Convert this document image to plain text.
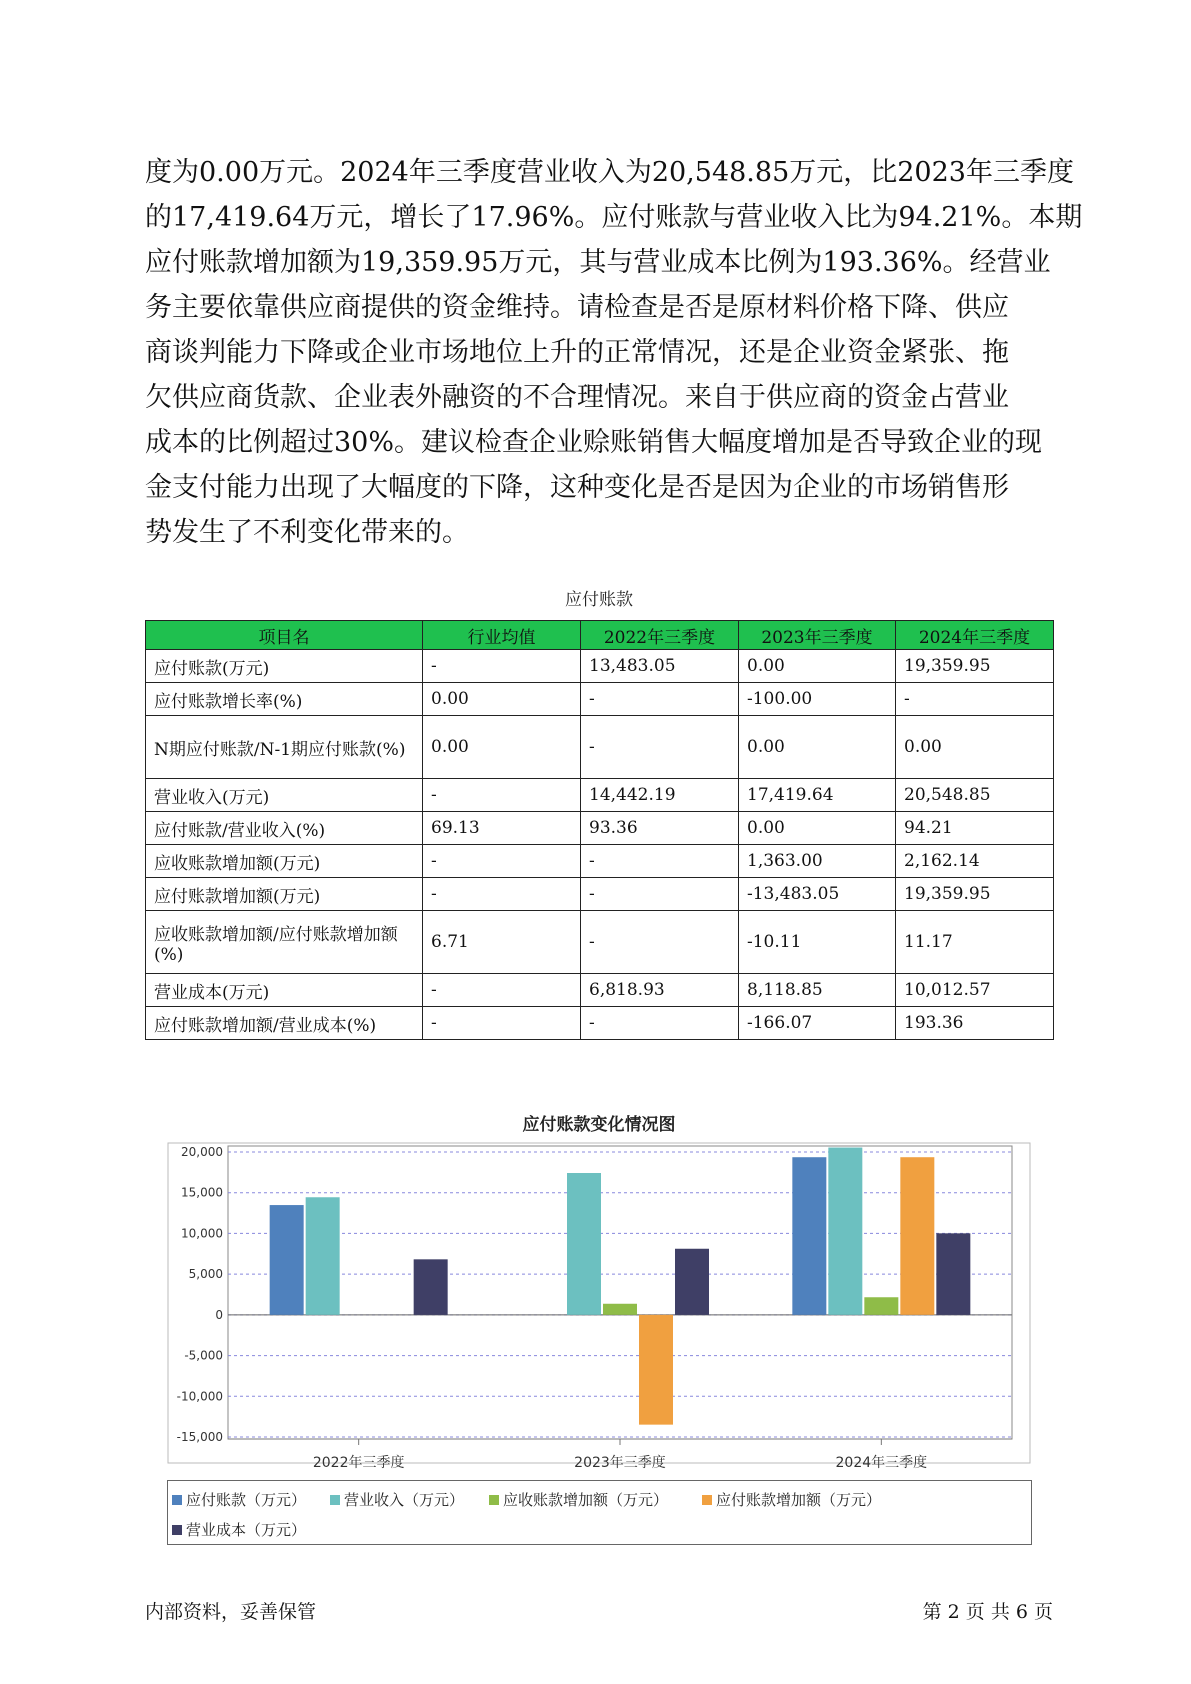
度为0.00万元。2024年三季度营业收入为20,548.85万元，比2023年三季度
的17,419.64万元，增长了17.96%。应付账款与营业收入比为94.21%。本期
应付账款增加额为19,359.95万元，其与营业成本比例为193.36%。经营业
务主要依靠供应商提供的资金维持。请检查是否是原材料价格下降、供应
商谈判能力下降或企业市场地位上升的正常情况，还是企业资金紧张、拖
欠供应商货款、企业表外融资的不合理情况。来自于供应商的资金占营业
成本的比例超过30%。建议检查企业赊账销售大幅度增加是否导致企业的现
金支付能力出现了大幅度的下降，这种变化是否是因为企业的市场销售形
势发生了不利变化带来的。
应付账款
项目名	行业均值	2022年三季度	2023年三季度	2024年三季度
应付账款(万元)	-	13,483.05	0.00	19,359.95
应付账款增长率(%)	0.00	-	-100.00	-
N期应付账款/N-1期应付账款(%)	0.00	-	0.00	0.00
营业收入(万元)	-	14,442.19	17,419.64	20,548.85
应付账款/营业收入(%)	69.13	93.36	0.00	94.21
应收账款增加额(万元)	-	-	1,363.00	2,162.14
应付账款增加额(万元)	-	-	-13,483.05	19,359.95
应收账款增加额/应付账款增加额(%)	6.71	-	-10.11	11.17
营业成本(万元)	-	6,818.93	8,118.85	10,012.57
应付账款增加额/营业成本(%)	-	-	-166.07	193.36
应付账款变化情况图
20,000
15,000
10,000
5,000
0
-5,000
-10,000
-15,000
2022年三季度	2023年三季度	2024年三季度
应付账款（万元）	营业收入（万元）	应收账款增加额（万元）	应付账款增加额（万元）
营业成本（万元）
内部资料，妥善保管	第 2 页 共 6 页
